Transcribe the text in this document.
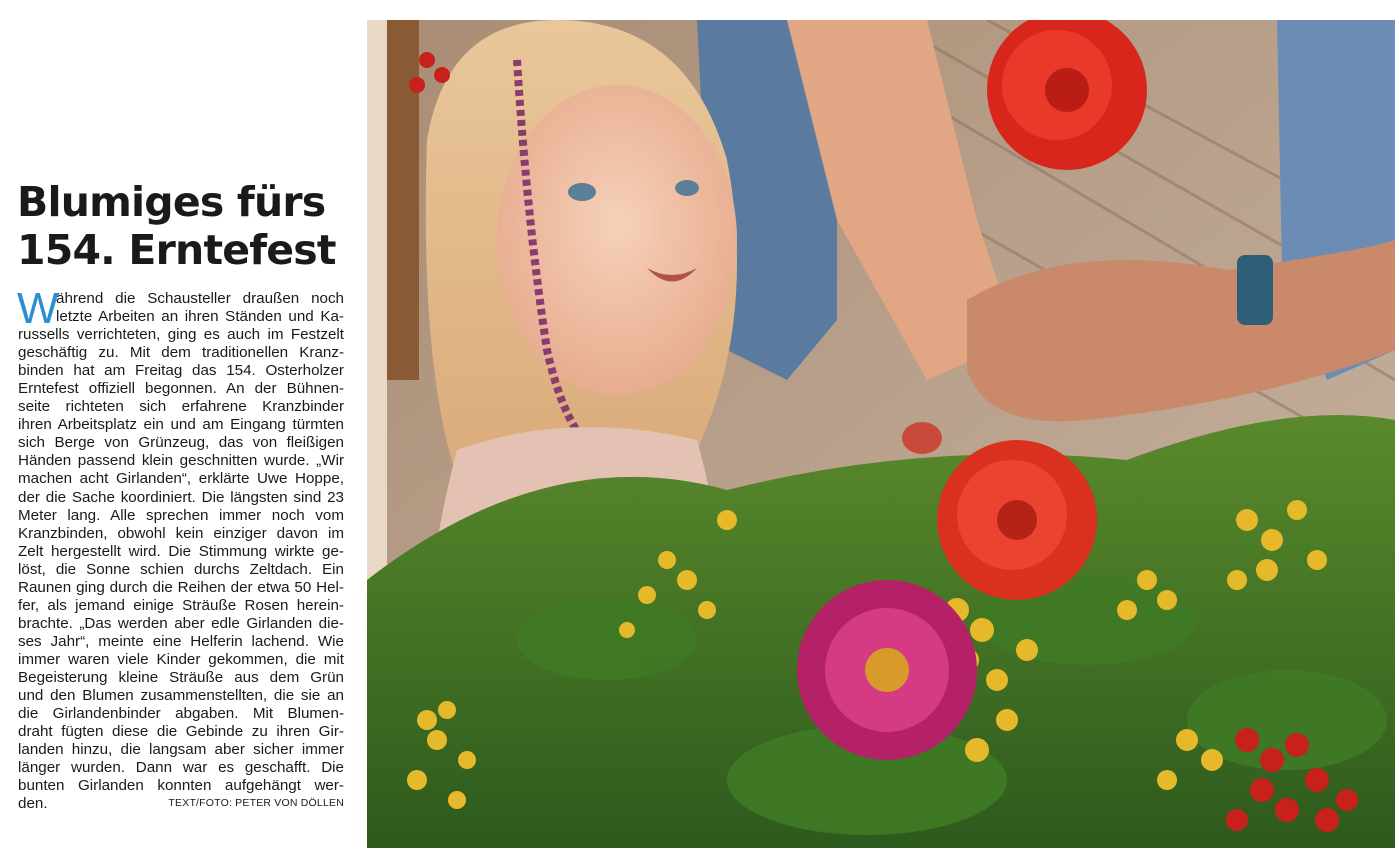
Blumiges fürs
154. Erntefest
W
ährend die Schausteller draußen noch
letzte Arbeiten an ihren Ständen und Ka-
russells verrichteten, ging es auch im Festzelt
geschäftig zu. Mit dem traditionellen Kranz-
binden hat am Freitag das 154. Osterholzer
Erntefest offiziell begonnen. An der Bühnen-
seite richteten sich erfahrene Kranzbinder
ihren Arbeitsplatz ein und am Eingang türmten
sich Berge von Grünzeug, das von fleißigen
Händen passend klein geschnitten wurde. „Wir
machen acht Girlanden“, erklärte Uwe Hoppe,
der die Sache koordiniert. Die längsten sind 23
Meter lang. Alle sprechen immer noch vom
Kranzbinden, obwohl kein einziger davon im
Zelt hergestellt wird. Die Stimmung wirkte ge-
löst, die Sonne schien durchs Zeltdach. Ein
Raunen ging durch die Reihen der etwa 50 Hel-
fer, als jemand einige Sträuße Rosen herein-
brachte. „Das werden aber edle Girlanden die-
ses Jahr“, meinte eine Helferin lachend. Wie
immer waren viele Kinder gekommen, die mit
Begeisterung kleine Sträuße aus dem Grün
und den Blumen zusammenstellten, die sie an
die Girlandenbinder abgaben. Mit Blumen-
draht fügten diese die Gebinde zu ihren Gir-
landen hinzu, die langsam aber sicher immer
länger wurden. Dann war es geschafft. Die
bunten Girlanden konnten aufgehängt wer-
den.	TEXT/FOTO: PETER VON DÖLLEN
